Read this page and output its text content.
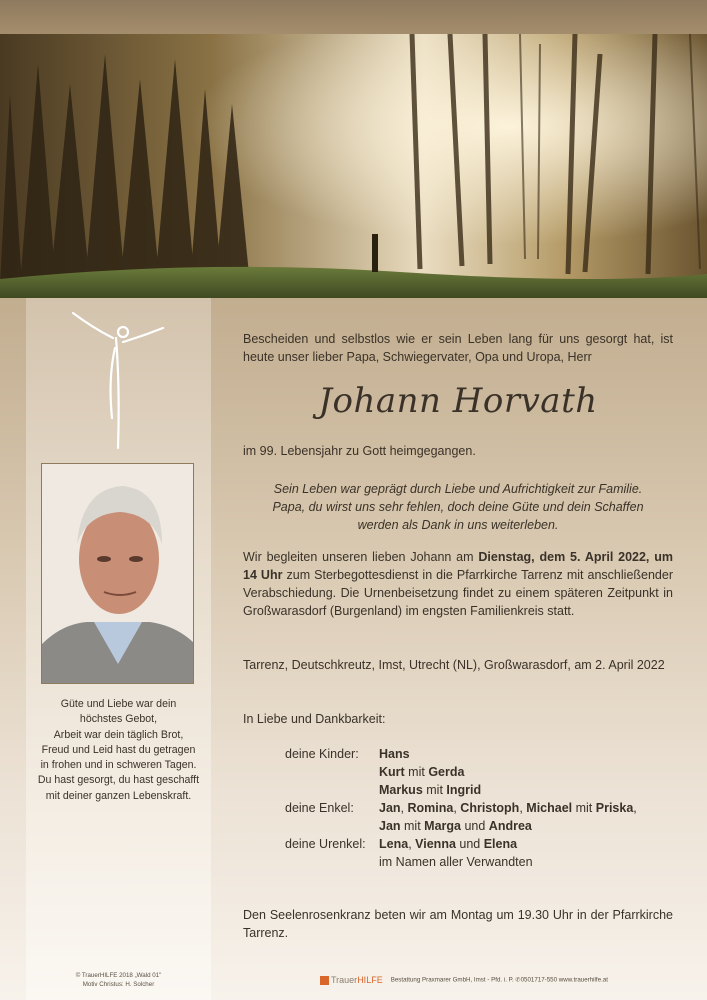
Güte und Liebe war dein
höchstes Gebot,
Arbeit war dein täglich Brot,
Freud und Leid hast du getragen
in frohen und in schweren Tagen.
Du hast gesorgt, du hast geschafft
mit deiner ganzen Lebenskraft.
© TrauerHILFE 2018 „Wald 01"
Motiv Christus: H. Solcher

Bescheiden und selbstlos wie er sein Leben lang für uns gesorgt hat, ist heute unser lieber Papa, Schwiegervater, Opa und Uropa, Herr

Johann Horvath

im 99. Lebensjahr zu Gott heimgegangen.

Sein Leben war geprägt durch Liebe und Aufrichtigkeit zur Familie.
Papa, du wirst uns sehr fehlen, doch deine Güte und dein Schaffen
werden als Dank in uns weiterleben.

Wir begleiten unseren lieben Johann am Dienstag, dem 5. April 2022, um 14 Uhr zum Sterbegottesdienst in die Pfarrkirche Tarrenz mit anschließender Verabschiedung. Die Urnenbeisetzung findet zu einem späteren Zeitpunkt in Großwarasdorf (Burgenland) im engsten Familienkreis statt.

Tarrenz, Deutschkreutz, Imst, Utrecht (NL), Großwarasdorf, am 2. April 2022

In Liebe und Dankbarkeit:

deine Kinder:	Hans
Kurt mit Gerda
Markus mit Ingrid
deine Enkel:	Jan, Romina, Christoph, Michael mit Priska,
Jan mit Marga und Andrea
deine Urenkel:	Lena, Vienna und Elena
im Namen aller Verwandten

Den Seelenrosenkranz beten wir am Montag um 19.30 Uhr in der Pfarrkirche Tarrenz.

TrauerHILFE Bestattung Praxmarer GmbH, Imst - Pfd. i. P. ✆0501717-550 www.trauerhilfe.at
